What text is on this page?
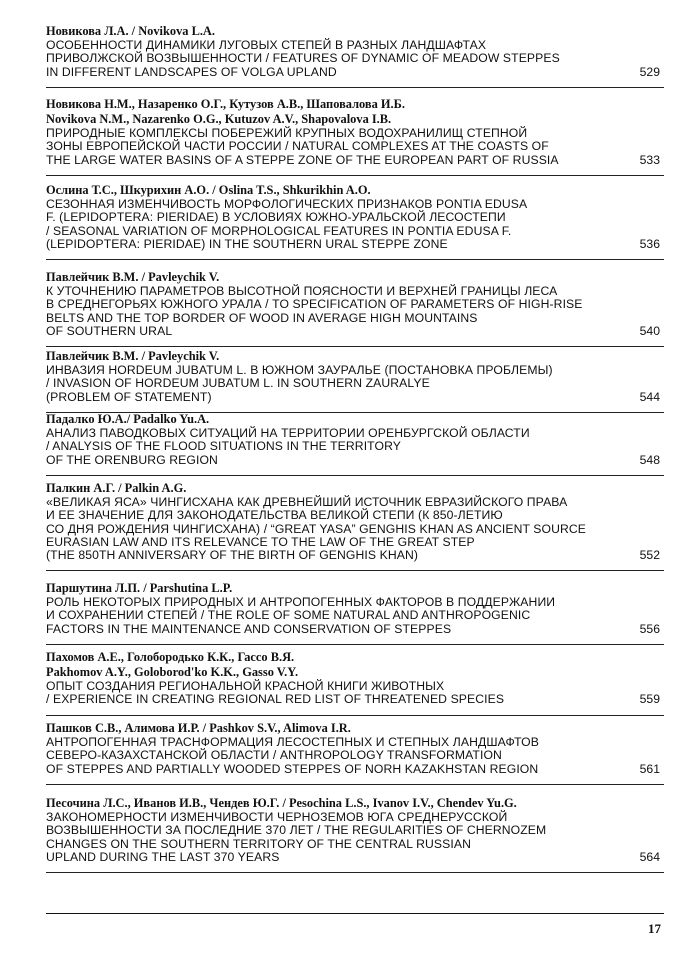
Новикова Л.А. / Novikova L.A.

ОСОБЕННОСТИ ДИНАМИКИ ЛУГОВЫХ СТЕПЕЙ В РАЗНЫХ ЛАНДШАФТАХ
ПРИВОЛЖСКОЙ ВОЗВЫШЕННОСТИ / FEATURES OF DYNAMIC OF MEADOW STEPPES
IN DIFFERENT LANDSCAPES OF VOLGA UPLAND	529

Новикова Н.М., Назаренко О.Г., Кутузов А.В., Шаповалова И.Б.

Novikova N.M., Nazarenko O.G., Kutuzov A.V., Shapovalova I.B.

ПРИРОДНЫЕ КОМПЛЕКСЫ ПОБЕРЕЖИЙ КРУПНЫХ ВОДОХРАНИЛИЩ СТЕПНОЙ
ЗОНЫ ЕВРОПЕЙСКОЙ ЧАСТИ РОССИИ / NATURAL COMPLEXES AT THE COASTS OF
THE LARGE WATER BASINS OF A STEPPE ZONE OF THE EUROPEAN PART OF RUSSIA	533

Ослина Т.С., Шкурихин А.О. / Oslina T.S., Shkurikhin A.O.

СЕЗОННАЯ ИЗМЕНЧИВОСТЬ МОРФОЛОГИЧЕСКИХ ПРИЗНАКОВ PONTIA EDUSA
F. (LEPIDOPTERA: PIERIDAE) В УСЛОВИЯХ ЮЖНО-УРАЛЬСКОЙ ЛЕСОСТЕПИ
/ SEASONAL VARIATION OF MORPHOLOGICAL FEATURES IN PONTIA EDUSA F.
(LEPIDOPTERA: PIERIDAE) IN THE SOUTHERN URAL STEPPE ZONE	536

Павлейчик В.М. / Pavleychik V.

К УТОЧНЕНИЮ ПАРАМЕТРОВ ВЫСОТНОЙ ПОЯСНОСТИ И ВЕРХНЕЙ ГРАНИЦЫ ЛЕСА
В СРЕДНЕГОРЬЯХ ЮЖНОГО УРАЛА / TO SPECIFICATION OF PARAMETERS OF HIGH-RISE
BELTS AND THE TOP BORDER OF WOOD IN AVERAGE HIGH MOUNTAINS
OF SOUTHERN URAL	540

Павлейчик В.М. / Pavleychik V.

ИНВАЗИЯ HORDEUM JUBATUM L. В ЮЖНОМ ЗАУРАЛЬЕ (ПОСТАНОВКА ПРОБЛЕМЫ)
/ INVASION OF HORDEUM JUBATUM L. IN SOUTHERN ZAURALYE
(PROBLEM OF STATEMENT)	544

Падалко Ю.А./ Padalko Yu.A.

АНАЛИЗ ПАВОДКОВЫХ СИТУАЦИЙ НА ТЕРРИТОРИИ ОРЕНБУРГСКОЙ ОБЛАСТИ
/ ANALYSIS OF THE FLOOD SITUATIONS IN THE TERRITORY
OF THE ORENBURG REGION	548

Палкин А.Г. / Palkin A.G.

«ВЕЛИКАЯ ЯСА» ЧИНГИСХАНА КАК ДРЕВНЕЙШИЙ ИСТОЧНИК ЕВРАЗИЙСКОГО ПРАВА
И ЕЕ ЗНАЧЕНИЕ ДЛЯ ЗАКОНОДАТЕЛЬСТВА ВЕЛИКОЙ СТЕПИ (К 850-ЛЕТИЮ
СО ДНЯ РОЖДЕНИЯ ЧИНГИСХАНА) / “GREAT YASA” GENGHIS KHAN AS ANCIENT SOURCE
EURASIAN LAW AND ITS RELEVANCE TO THE LAW OF THE GREAT STEP
(THE 850TH ANNIVERSARY OF THE BIRTH OF GENGHIS KHAN)	552

Паршутина Л.П. / Parshutina L.P.

РОЛЬ НЕКОТОРЫХ ПРИРОДНЫХ И АНТРОПОГЕННЫХ ФАКТОРОВ В ПОДДЕРЖАНИИ
И СОХРАНЕНИИ СТЕПЕЙ / THE ROLE OF SOME NATURAL AND ANTHROPOGENIC
FACTORS IN THE MAINTENANCE AND CONSERVATION OF STEPPES	556

Пахомов А.Е., Голобородько К.К., Гассо В.Я.

Pakhomov A.Y., Goloborod'ko K.K., Gasso V.Y.

ОПЫТ СОЗДАНИЯ РЕГИОНАЛЬНОЙ КРАСНОЙ КНИГИ ЖИВОТНЫХ
/ EXPERIENCE IN CREATING REGIONAL RED LIST OF THREATENED SPECIES	559

Пашков С.В., Алимова И.Р. / Pashkov S.V., Alimova I.R.

АНТРОПОГЕННАЯ ТРАСНФОРМАЦИЯ ЛЕСОСТЕПНЫХ И СТЕПНЫХ ЛАНДШАФТОВ
СЕВЕРО-КАЗАХСТАНСКОЙ ОБЛАСТИ / ANTHROPOLOGY TRANSFORMATION
OF STEPPES AND PARTIALLY WOODED STEPPES OF NORH KAZAKHSTAN REGION	561

Песочина Л.С., Иванов И.В., Чендев Ю.Г. / Pesochina L.S., Ivanov I.V., Chendev Yu.G.

ЗАКОНОМЕРНОСТИ ИЗМЕНЧИВОСТИ ЧЕРНОЗЕМОВ ЮГА СРЕДНЕРУССКОЙ
ВОЗВЫШЕННОСТИ ЗА ПОСЛЕДНИЕ 370 ЛЕТ / THE REGULARITIES OF CHERNOZEM
CHANGES ON THE SOUTHERN TERRITORY OF THE CENTRAL RUSSIAN
UPLAND DURING THE LAST 370 YEARS	564
17
